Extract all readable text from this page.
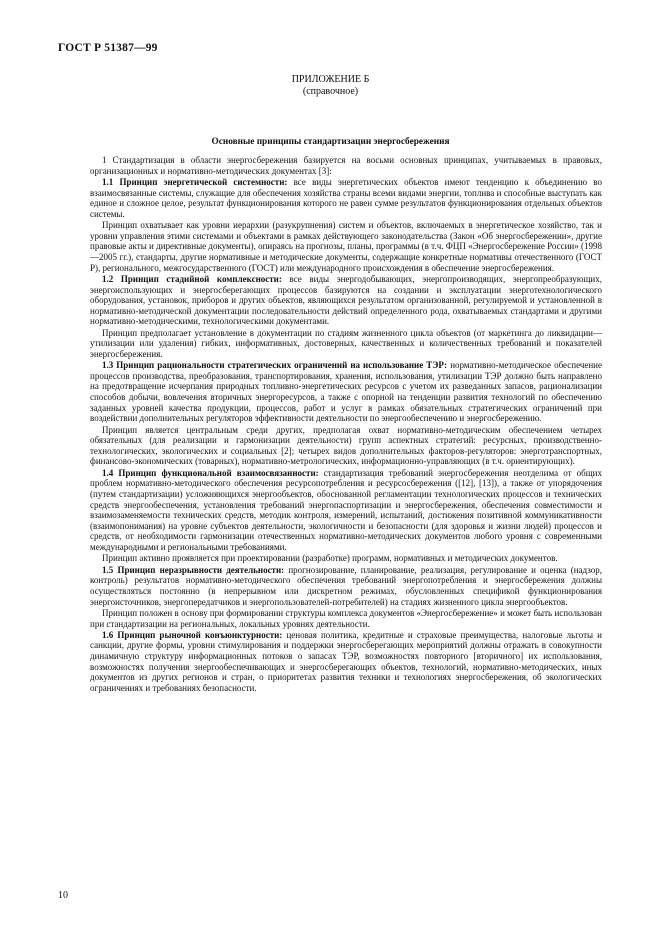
ГОСТ Р 51387—99
ПРИЛОЖЕНИЕ Б
(справочное)
Основные принципы стандартизации энергосбережения

1 Стандартизация в области энергосбережения базируется на восьми основных принципах, учитываемых в правовых, организационных и нормативно-методических документах [3]:

1.1 Принцип энергетической системности: все виды энергетических объектов имеют тенденцию к объединению во взаимосвязанные системы, служащие для обеспечения хозяйства страны всеми видами энергии, топлива и способные выступать как единое и сложное целое, результат функционирования которого не равен сумме результатов функционирования отдельных объектов системы.

Принцип охватывает как уровни иерархии (разукрупнения) систем и объектов, включаемых в энергетическое хозяйство, так и уровни управления этими системами и объектами в рамках действующего законодательства (Закон «Об энергосбережении», другие правовые акты и директивные документы), опираясь на прогнозы, планы, программы (в т.ч. ФЦП «Энергосбережение России» (1998—2005 гг.), стандарты, другие нормативные и методические документы, содержащие конкретные нормативы отечественного (ГОСТ Р), регионального, межгосударственного (ГОСТ) или международного происхождения в обеспечение энергосбережения.

1.2 Принцип стадийной комплексности: все виды энергодобывающих, энергопроизводящих, энергопреобразующих, энергоиспользующих и энергосберегающих процессов базируются на создании и эксплуатации энерготехнологического оборудования, установок, приборов и других объектов, являющихся результатом организованной, регулируемой и установленной в нормативно-методической документации последовательности действий определенного рода, охватываемых стандартами и другими нормативно-методическими, технологическими документами.

Принцип предполагает установление в документации по стадиям жизненного цикла объектов (от маркетинга до ликвидации—утилизации или удаления) гибких, информативных, достоверных, качественных и количественных требований и показателей энергосбережения.

1.3 Принцип рациональности стратегических ограничений на использование ТЭР: нормативно-методическое обеспечение процессов производства, преобразования, транспортирования, хранения, использования, утилизации ТЭР должно быть направлено на предотвращение исчерпания природных топливно-энергетических ресурсов с учетом их разведанных запасов, рационализации способов добычи, вовлечения вторичных энергоресурсов, а также с опорной на тенденции развития технологий по обеспечению заданных уровней качества продукции, процессов, работ и услуг в рамках обязательных стратегических ограничений при воздействии дополнительных регуляторов эффективности деятельности по энергообеспечению и энергосбережению.

Принцип является центральным среди других, предполагая охват нормативно-методическим обеспечением четырех обязательных (для реализации и гармонизации деятельности) групп аспектных стратегий: ресурсных, производственно-технологических, экологических и социальных [2]; четырех видов дополнительных факторов-регуляторов: энерготранспортных, финансово-экономических (товарных), нормативно-метрологических, информационно-управляющих (в т.ч. ориентирующих).

1.4 Принцип функциональной взаимосвязанности: стандартизация требований энергосбережения неотделима от общих проблем нормативно-методического обеспечения ресурсопотребления и ресурсосбережения ([12], [13]), а также от упорядочения (путем стандартизации) усложняющихся энергообъектов, обоснованной регламентации технологических процессов и технических средств энергообеспечения, установления требований энергопаспортизации и энергосбережения, обеспечения совместимости и взаимозаменяемости технических средств, методик контроля, измерений, испытаний, достижения позитивной коммуникативности (взаимопонимания) на уровне субъектов деятельности, экологичности и безопасности (для здоровья и жизни людей) процессов и средств, от необходимости гармонизации отечественных нормативно-методических документов любого уровня с современными международными и региональными требованиями.

Принцип активно проявляется при проектировании (разработке) программ, нормативных и методических документов.

1.5 Принцип неразрывности деятельности: прогнозирование, планирование, реализация, регулирование и оценка (надзор, контроль) результатов нормативно-методического обеспечения требований энергопотребления и энергосбережения должны осуществляться постоянно (в непрерывном или дискретном режимах, обусловленных спецификой функционирования энергоисточников, энергопередатчиков и энергопользователей-потребителей) на стадиях жизненного цикла энергообъектов.

Принцип положен в основу при формировании структуры комплекса документов «Энергосбережение» и может быть использован при стандартизации на региональных, локальных уровнях деятельности.

1.6 Принцип рыночной конъюнктурности: ценовая политика, кредитные и страховые преимущества, налоговые льготы и санкции, другие формы, уровни стимулирования и поддержки энергосберегающих мероприятий должны отражать в совокупности динамичную структуру информационных потоков о запасах ТЭР, возможностях повторного [вторичного] их использования, возможностях получения энергообеспечивающих и энергосберегающих объектов, технологий, нормативно-методических, иных документов из других регионов и стран, о приоритетах развития техники и технологиях энергосбережения, об экологических ограничениях и требованиях безопасности.

10
